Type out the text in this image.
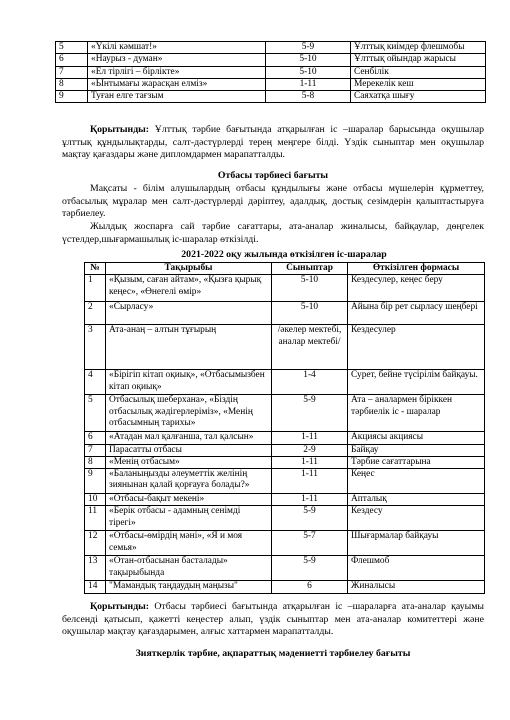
5	«Үкілі кәмшат!»	5-9	Ұлттық киімдер флешмобы
6	«Наурыз - думан»	5-10	Ұлттық ойындар жарысы
7	«Ел тірлігі – бірлікте»	5-10	Сенбілік
8	«Ынтымағы жарасқан елміз»	1-11	Мерекелік кеш
9	Туған елге тағзым	5-8	Саяхатқа шығу

Қорытынды: Ұлттық тәрбие бағытында атқарылған іс –шаралар барысында оқушылар ұлттық құндылықтарды, салт-дәстүрлерді терең меңгере білді. Үздік сыныптар мен оқушылар мақтау қағаздары және дипломдармен марапатталды.

Отбасы тәрбиесі бағыты

Мақсаты - білім алушылардың отбасы құндылығы және отбасы мүшелерін құрметтеу, отбасылық мұралар мен салт-дәстүрлерді дәріптеу, адалдық, достық сезімдерін қалыптастыруға тәрбиелеу.

Жылдық жоспарға сай тәрбие сағаттары, ата-аналар жиналысы, байқаулар, дөңгелек үстелдер,шығармашылық іс-шаралар өткізілді.

2021-2022 оқу жылында өткізілген іс-шаралар

№	Тақырыбы	Сыныптар	Өткізілген формасы
1	«Қызым, саған айтам», «Қызға қырық кеңес», «Өнегелі өмір»	5-10	Кездесулер, кеңес беру
2	«Сырласу»	5-10	Айына бір рет сырласу шеңбері
3	Ата-анаң – алтын тұғырың	/әкелер мектебі, аналар мектебі/	Кездесулер
4	«Бірігіп кітап оқиық», «Отбасымызбен кітап оқиық»	1-4	Сурет, бейне түсірілім байқауы.
5	Отбасылық шеберхана», «Біздің отбасылық жәдігерлеріміз», «Менің отбасымның тарихы»	5-9	Ата – аналармен біріккен тәрбиелік іс - шаралар
6	«Атадан мал қалғанша, тал қалсын»	1-11	Акциясы акциясы
7	Парасатты отбасы	2-9	Байқау
8	«Менің отбасым»	1-11	Тәрбие сағаттарына
9	«Баланыңызды әлеуметтік желінің зиянынан қалай қорғауға болады?»	1-11	Кеңес
10	«Отбасы-бақыт мекені»	1-11	Апталық
11	«Берік отбасы - адамның сенімді тірегі»	5-9	Кездесу
12	«Отбасы-өмірдің мәні», «Я и моя семья»	5-7	Шығармалар байқауы
13	«Отан-отбасынан басталады» тақырыбында	5-9	Флешмоб
14	"Мамандық таңдаудың маңызы"	6	Жиналысы

Қорытынды: Отбасы тәрбиесі бағытында атқарылған іс –шараларға ата-аналар қауымы белсенді қатысып, қажетті кеңестер алып, үздік сыныптар мен ата-аналар комитеттері және оқушылар мақтау қағаздарымен, алғыс хаттармен марапатталды.

Зияткерлік тәрбие, ақпараттық мәдениетті тәрбиелеу бағыты
